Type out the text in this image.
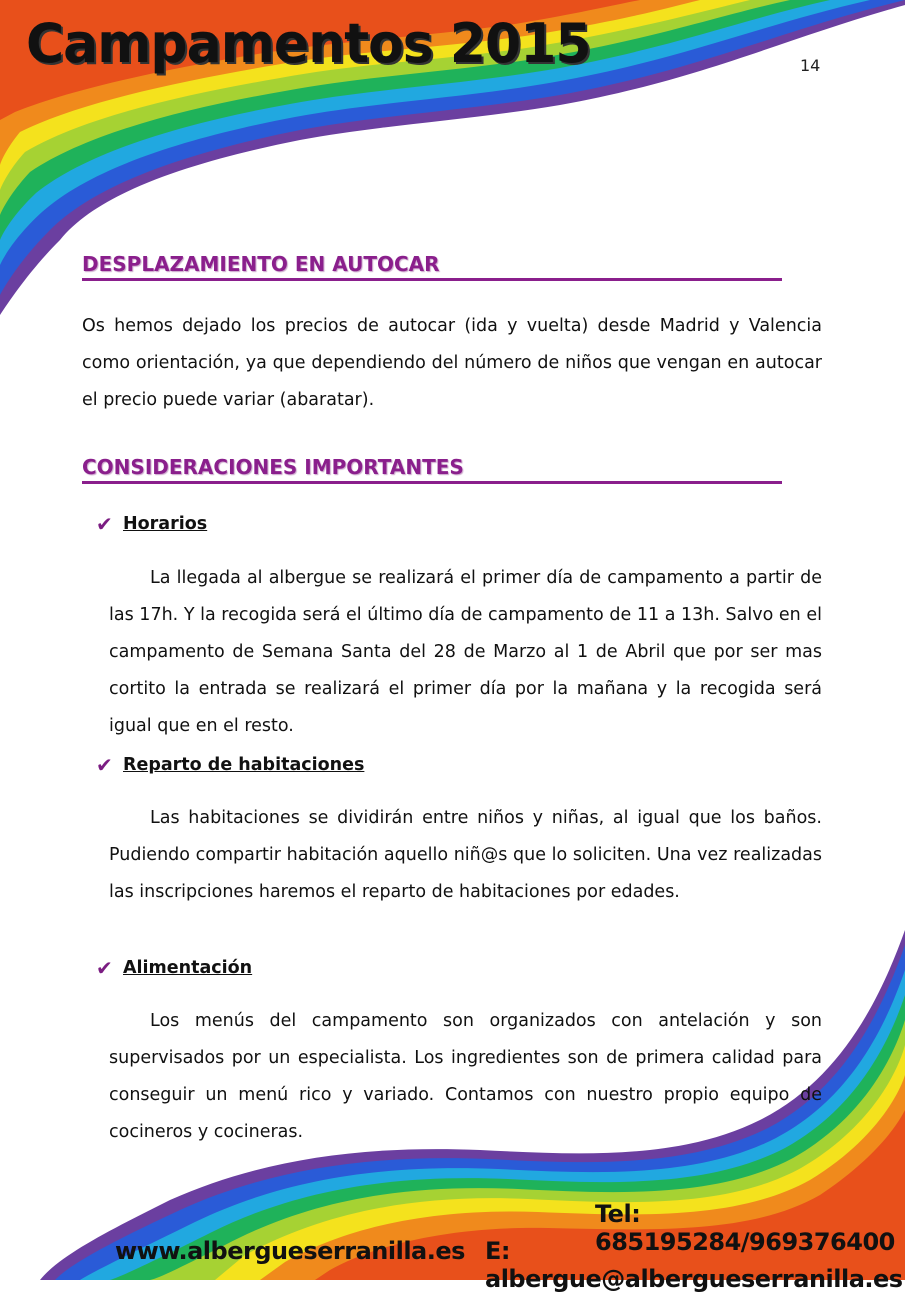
Campamentos 2015	14
DESPLAZAMIENTO EN AUTOCAR

Os hemos dejado los precios de autocar (ida y vuelta) desde Madrid y Valencia como orientación, ya que dependiendo del número de niños que vengan en autocar el precio puede variar (abaratar).

CONSIDERACIONES IMPORTANTES
✔ Horarios

La llegada al albergue se realizará el primer día de campamento a partir de las 17h. Y la recogida será el último día de campamento de 11 a 13h. Salvo en el campamento de Semana Santa del 28 de Marzo al 1 de Abril que por ser mas cortito la entrada se realizará el primer día por la mañana y la recogida será igual que en el resto.

✔ Reparto de habitaciones

Las habitaciones se dividirán entre niños y niñas, al igual que los baños. Pudiendo compartir habitación aquello niñ@s que lo soliciten. Una vez realizadas las inscripciones haremos el reparto de habitaciones por edades.

✔ Alimentación

Los menús del campamento son organizados con antelación y son supervisados por un especialista. Los ingredientes son de primera calidad para conseguir un menú rico y variado. Contamos con nuestro propio equipo de cocineros y cocineras.

Tel: 685195284/969376400
www.albergueserranilla.es E: albergue@albergueserranilla.es
